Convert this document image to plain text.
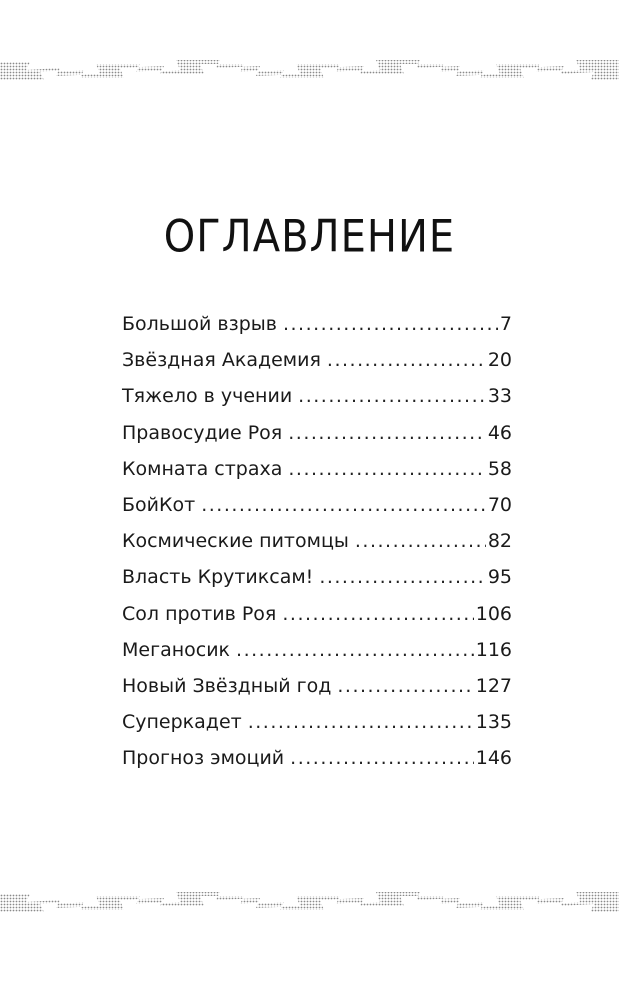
ОГЛАВЛЕНИЕ
Большой взрыв .....	7
Звёздная Академия .....	20
Тяжело в учении .....	33
Правосудие Роя .....	46
Комната страха .....	58
БойКот .....	70
Космические питомцы .....	82
Власть Крутиксам! .....	95
Сол против Роя .....	106
Меганосик .....	116
Новый Звёздный год .....	127
Суперкадет .....	135
Прогноз эмоций .....	146
